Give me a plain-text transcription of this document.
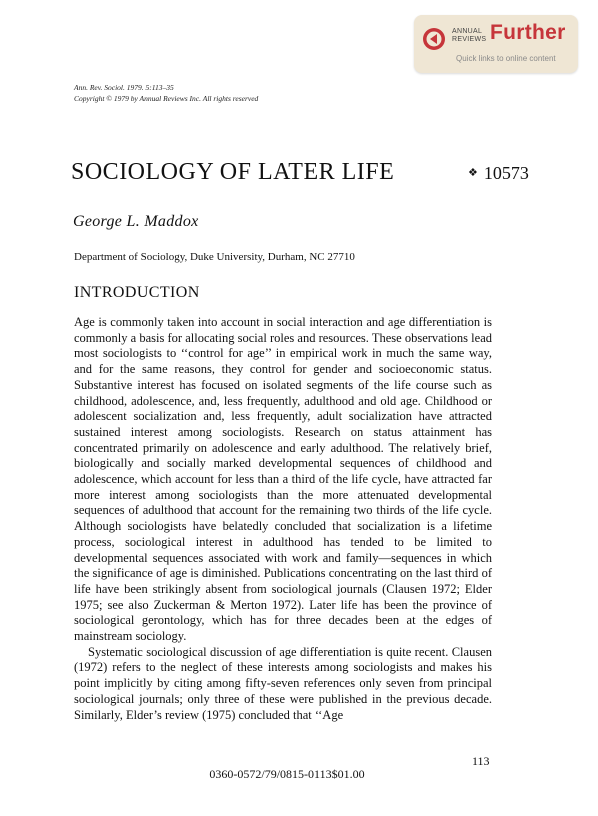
ANNUAL
REVIEWS Further
Quick links to online content
Ann. Rev. Sociol. 1979. 5:113–35
Copyright © 1979 by Annual Reviews Inc. All rights reserved
SOCIOLOGY OF LATER LIFE	❖ 10573
George L. Maddox
Department of Sociology, Duke University, Durham, NC 27710
INTRODUCTION

Age is commonly taken into account in social interaction and age differentiation is commonly a basis for allocating social roles and resources. These observations lead most sociologists to ‘‘control for age’’ in empirical work in much the same way, and for the same reasons, they control for gender and socioeconomic status. Substantive interest has focused on isolated segments of the life course such as childhood, adolescence, and, less frequently, adulthood and old age. Childhood or adolescent socialization and, less frequently, adult socialization have attracted sustained interest among sociologists. Research on status attainment has concentrated primarily on adolescence and early adulthood. The relatively brief, biologically and socially marked developmental sequences of childhood and adolescence, which account for less than a third of the life cycle, have attracted far more interest among sociologists than the more attenuated developmental sequences of adulthood that account for the remaining two thirds of the life cycle. Although sociologists have belatedly concluded that socialization is a lifetime process, sociological interest in adulthood has tended to be limited to developmental sequences associated with work and family—sequences in which the significance of age is diminished. Publications concentrating on the last third of life have been strikingly absent from sociological journals (Clausen 1972; Elder 1975; see also Zuckerman & Merton 1972). Later life has been the province of sociological gerontology, which has for three decades been at the edges of mainstream sociology.

Systematic sociological discussion of age differentiation is quite recent. Clausen (1972) refers to the neglect of these interests among sociologists and makes his point implicitly by citing among fifty-seven references only seven from principal sociological journals; only three of these were published in the previous decade. Similarly, Elder’s review (1975) concluded that ‘‘Age

113
0360-0572/79/0815-0113$01.00
